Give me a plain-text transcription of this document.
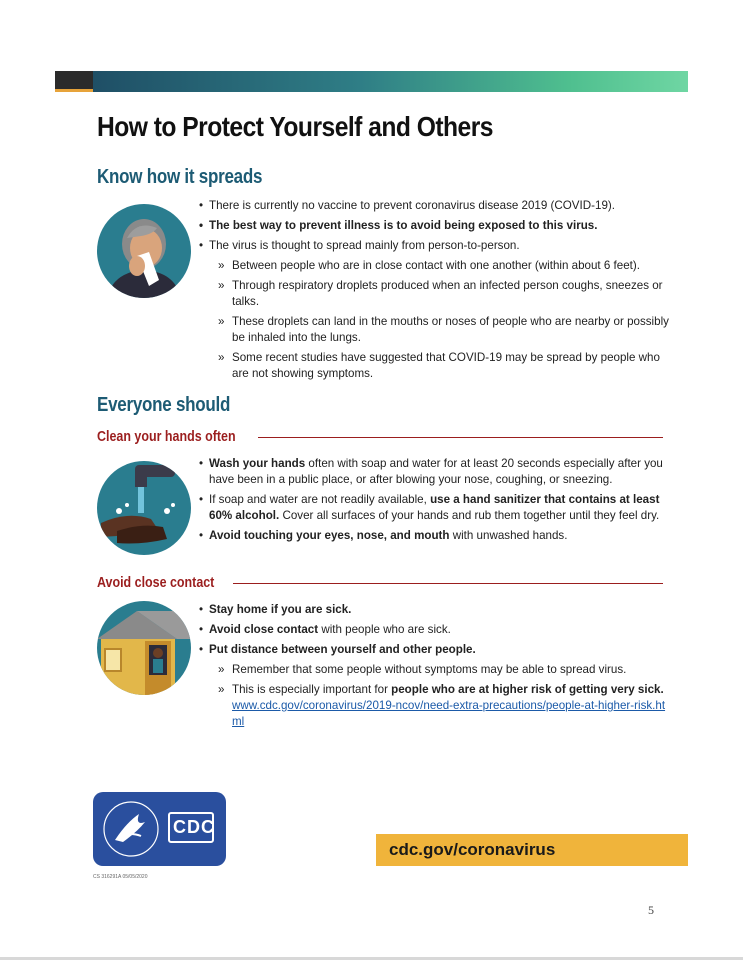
How to Protect Yourself and Others
Know how it spreads
• There is currently no vaccine to prevent coronavirus disease 2019 (COVID-19).
• The best way to prevent illness is to avoid being exposed to this virus.
• The virus is thought to spread mainly from person-to-person.
» Between people who are in close contact with one another (within about 6 feet).
» Through respiratory droplets produced when an infected person coughs, sneezes or talks.
» These droplets can land in the mouths or noses of people who are nearby or possibly be inhaled into the lungs.
» Some recent studies have suggested that COVID-19 may be spread by people who are not showing symptoms.
Everyone should
Clean your hands often
• Wash your hands often with soap and water for at least 20 seconds especially after you have been in a public place, or after blowing your nose, coughing, or sneezing.
• If soap and water are not readily available, use a hand sanitizer that contains at least 60% alcohol. Cover all surfaces of your hands and rub them together until they feel dry.
• Avoid touching your eyes, nose, and mouth with unwashed hands.
Avoid close contact
• Stay home if you are sick.
• Avoid close contact with people who are sick.
• Put distance between yourself and other people.
» Remember that some people without symptoms may be able to spread virus.
» This is especially important for people who are at higher risk of getting very sick. www.cdc.gov/coronavirus/2019-ncov/need-extra-precautions/people-at-higher-risk.html
CDC
cdc.gov/coronavirus
CS 316291A 05/05/2020
5
